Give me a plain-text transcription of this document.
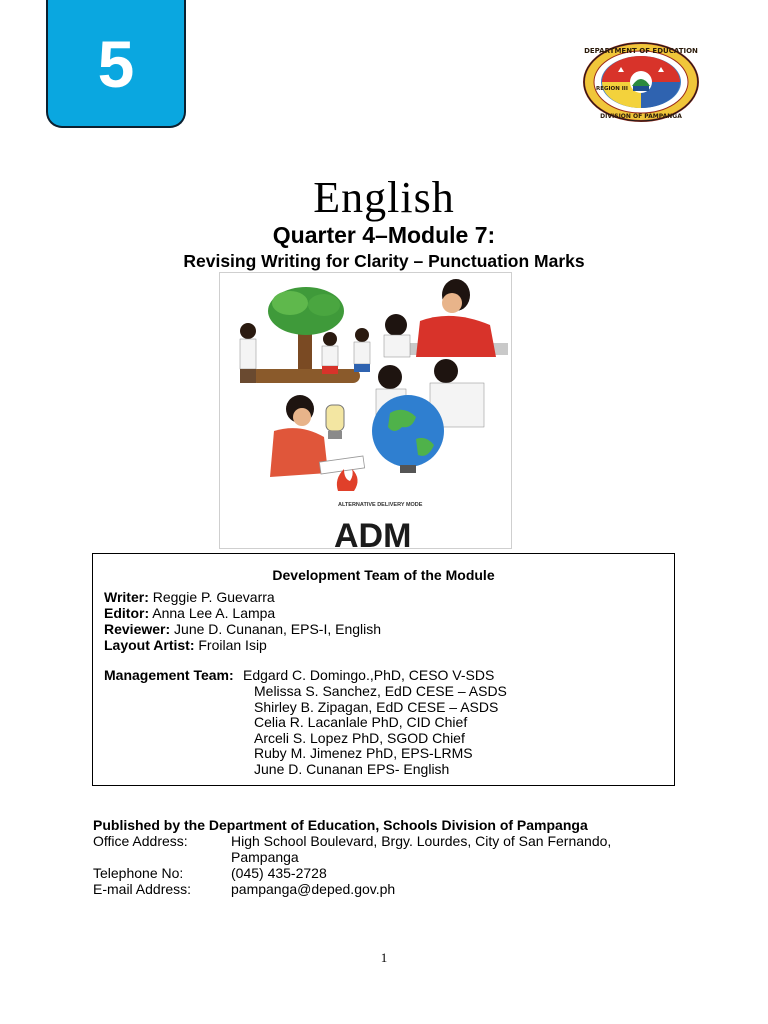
5	DEPARTMENT OF EDUCATION
DIVISION OF PAMPANGA
REGION III
English
Quarter 4–Module 7:
Revising Writing for Clarity – Punctuation Marks
ADM
ALTERNATIVE DELIVERY MODE
Development Team of the Module
Writer: Reggie P. Guevarra
Editor: Anna Lee A. Lampa
Reviewer: June D. Cunanan, EPS-I, English
Layout Artist: Froilan Isip
Management Team: Edgard C. Domingo.,PhD, CESO V-SDS
Melissa S. Sanchez, EdD CESE – ASDS
Shirley B. Zipagan, EdD CESE – ASDS
Celia R. Lacanlale PhD, CID Chief
Arceli S. Lopez PhD, SGOD Chief
Ruby M. Jimenez PhD, EPS-LRMS
June D. Cunanan EPS- English
Published by the Department of Education, Schools Division of Pampanga
Office Address:	High School Boulevard, Brgy. Lourdes, City of San Fernando,
Pampanga
Telephone No:	(045) 435-2728
E-mail Address:	pampanga@deped.gov.ph
1
